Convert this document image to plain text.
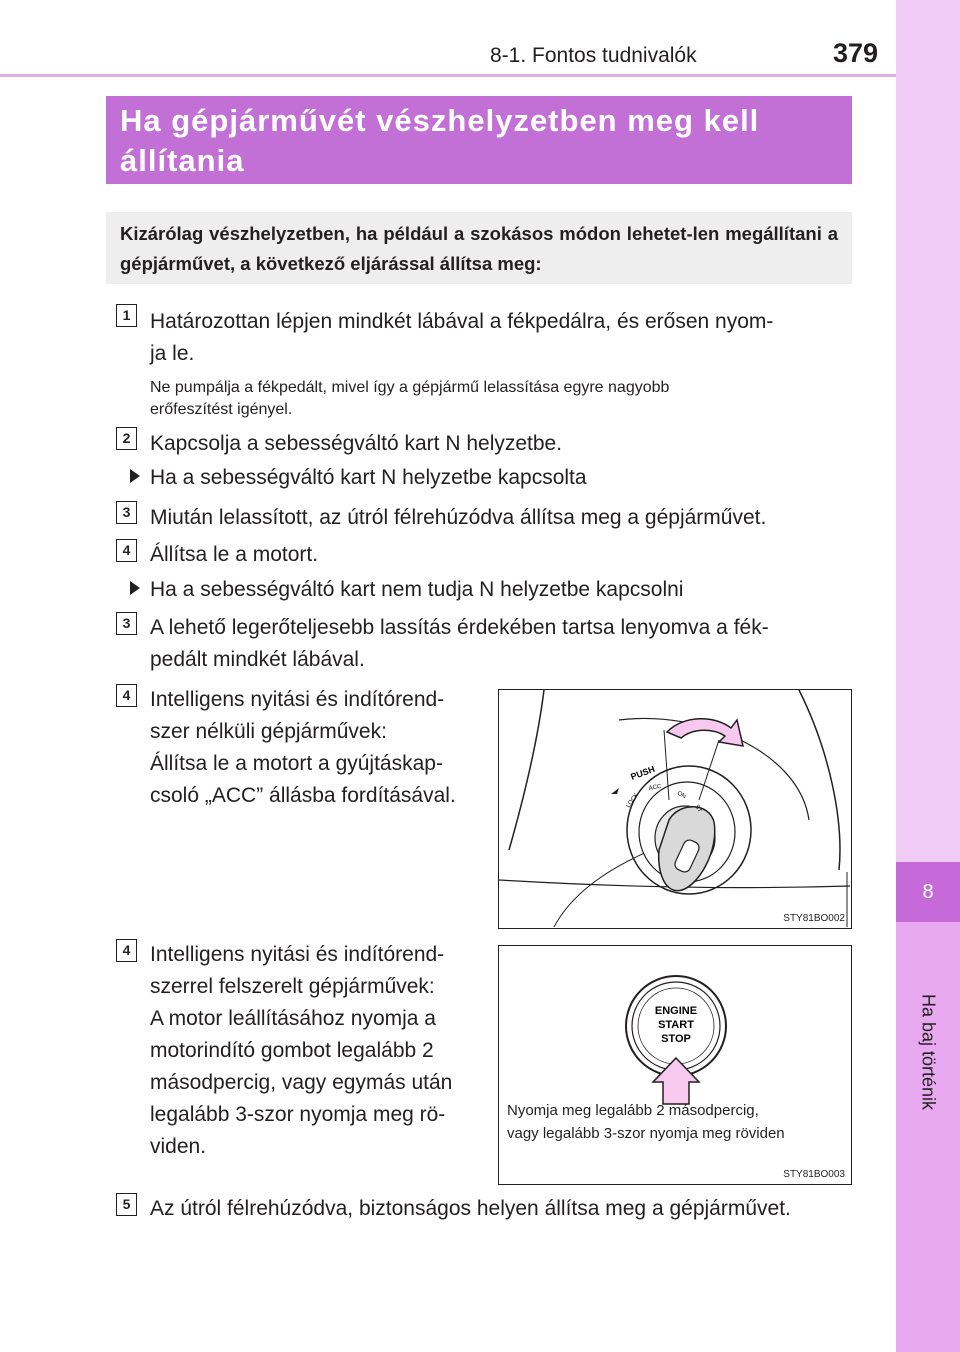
8-1. Fontos tudnivalók	379
8
Ha baj történik
Ha gépjárművét vészhelyzetben meg kell állítania
Kizárólag vészhelyzetben, ha például a szokásos módon lehetet-len megállítani a gépjárművet, a következő eljárással állítsa meg:
1 Határozottan lépjen mindkét lábával a fékpedálra, és erősen nyom-
ja le.
Ne pumpálja a fékpedált, mivel így a gépjármű lelassítása egyre nagyobb
erőfeszítést igényel.
2 Kapcsolja a sebességváltó kart N helyzetbe.
Ha a sebességváltó kart N helyzetbe kapcsolta
3 Miután lelassított, az útról félrehúzódva állítsa meg a gépjárművet.
4 Állítsa le a motort.
Ha a sebességváltó kart nem tudja N helyzetbe kapcsolni
3 A lehető legerőteljesebb lassítás érdekében tartsa lenyomva a fék-
pedált mindkét lábával.
4 Intelligens nyitási és indítórend-
szer nélküli gépjárművek:
Állítsa le a motort a gyújtáskap-
csoló „ACC” állásba fordításával.
PUSH
LOCK
ACC
ON
ST
STY81BO002
4 Intelligens nyitási és indítórend-
szerrel felszerelt gépjárművek:
A motor leállításához nyomja a
motorindító gombot legalább 2
másodpercig, vagy egymás után
legalább 3-szor nyomja meg rö-
viden.
ENGINE
START
STOP
Nyomja meg legalább 2 másodpercig,
vagy legalább 3-szor nyomja meg röviden
STY81BO003
5 Az útról félrehúzódva, biztonságos helyen állítsa meg a gépjárművet.
